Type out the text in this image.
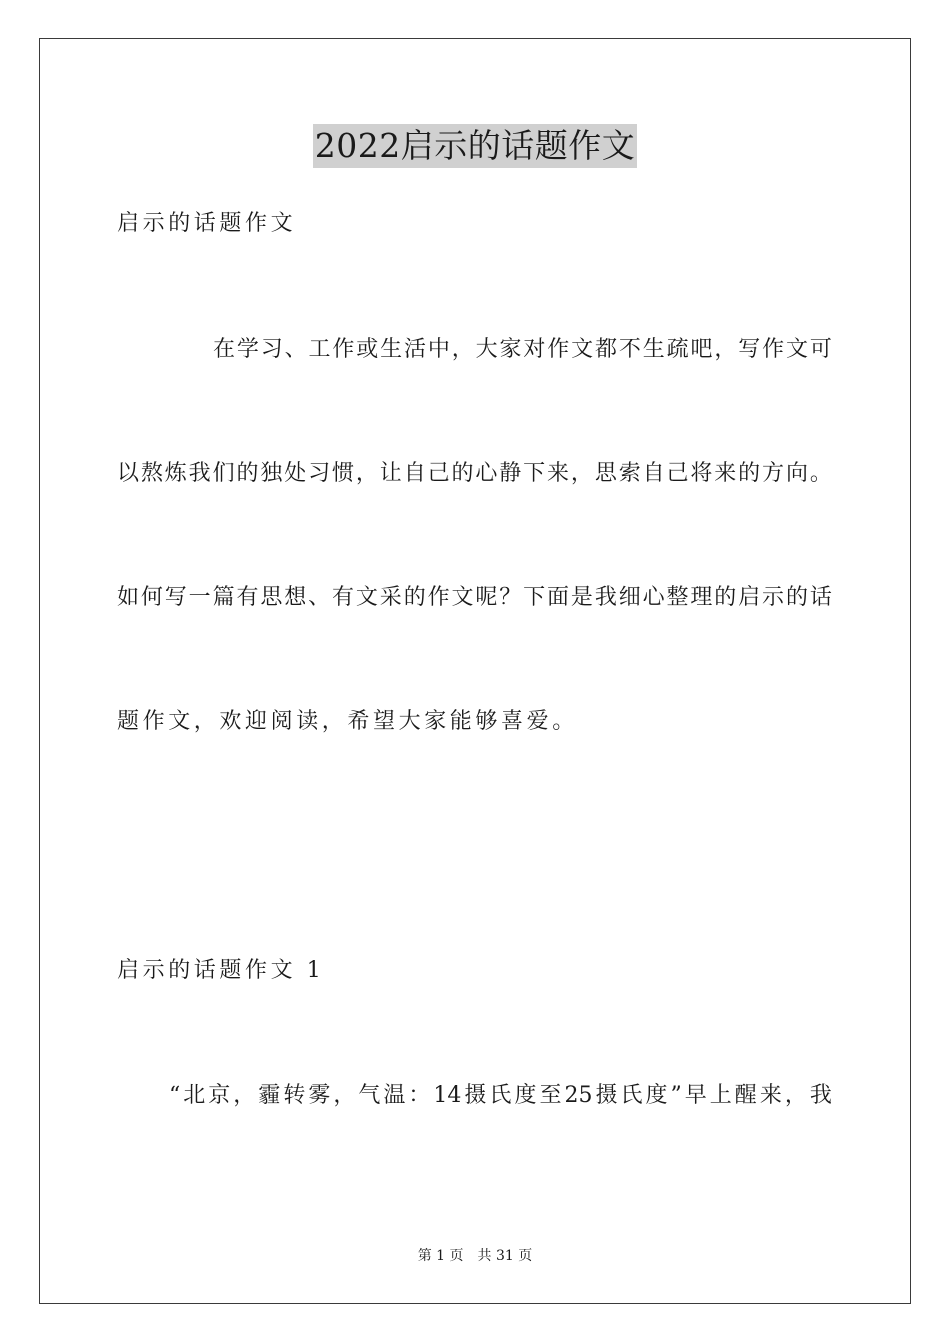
2022启示的话题作文
启示的话题作文
在 学 习 、 工 作 或 生 活 中 ， 大 家 对 作 文 都 不 生 疏 吧 ， 写 作 文 可
以 熬 炼 我 们 的 独 处 习 惯 ， 让 自 己 的 心 静 下 来 ， 思 索 自 己 将 来 的 方 向 。
如 何 写 一 篇 有 思 想 、 有 文 采 的 作 文 呢 ？ 下 面 是 我 细 心 整 理 的 启 示 的 话
题作文，欢迎阅读，希望大家能够喜爱。
启示的话题作文 1
“ 北 京 ， 霾 转 雾 ， 气 温 ： 14 摄 氏 度 至 25 摄 氏 度 ” 早 上 醒 来 ， 我
第 1 页 共 31 页
